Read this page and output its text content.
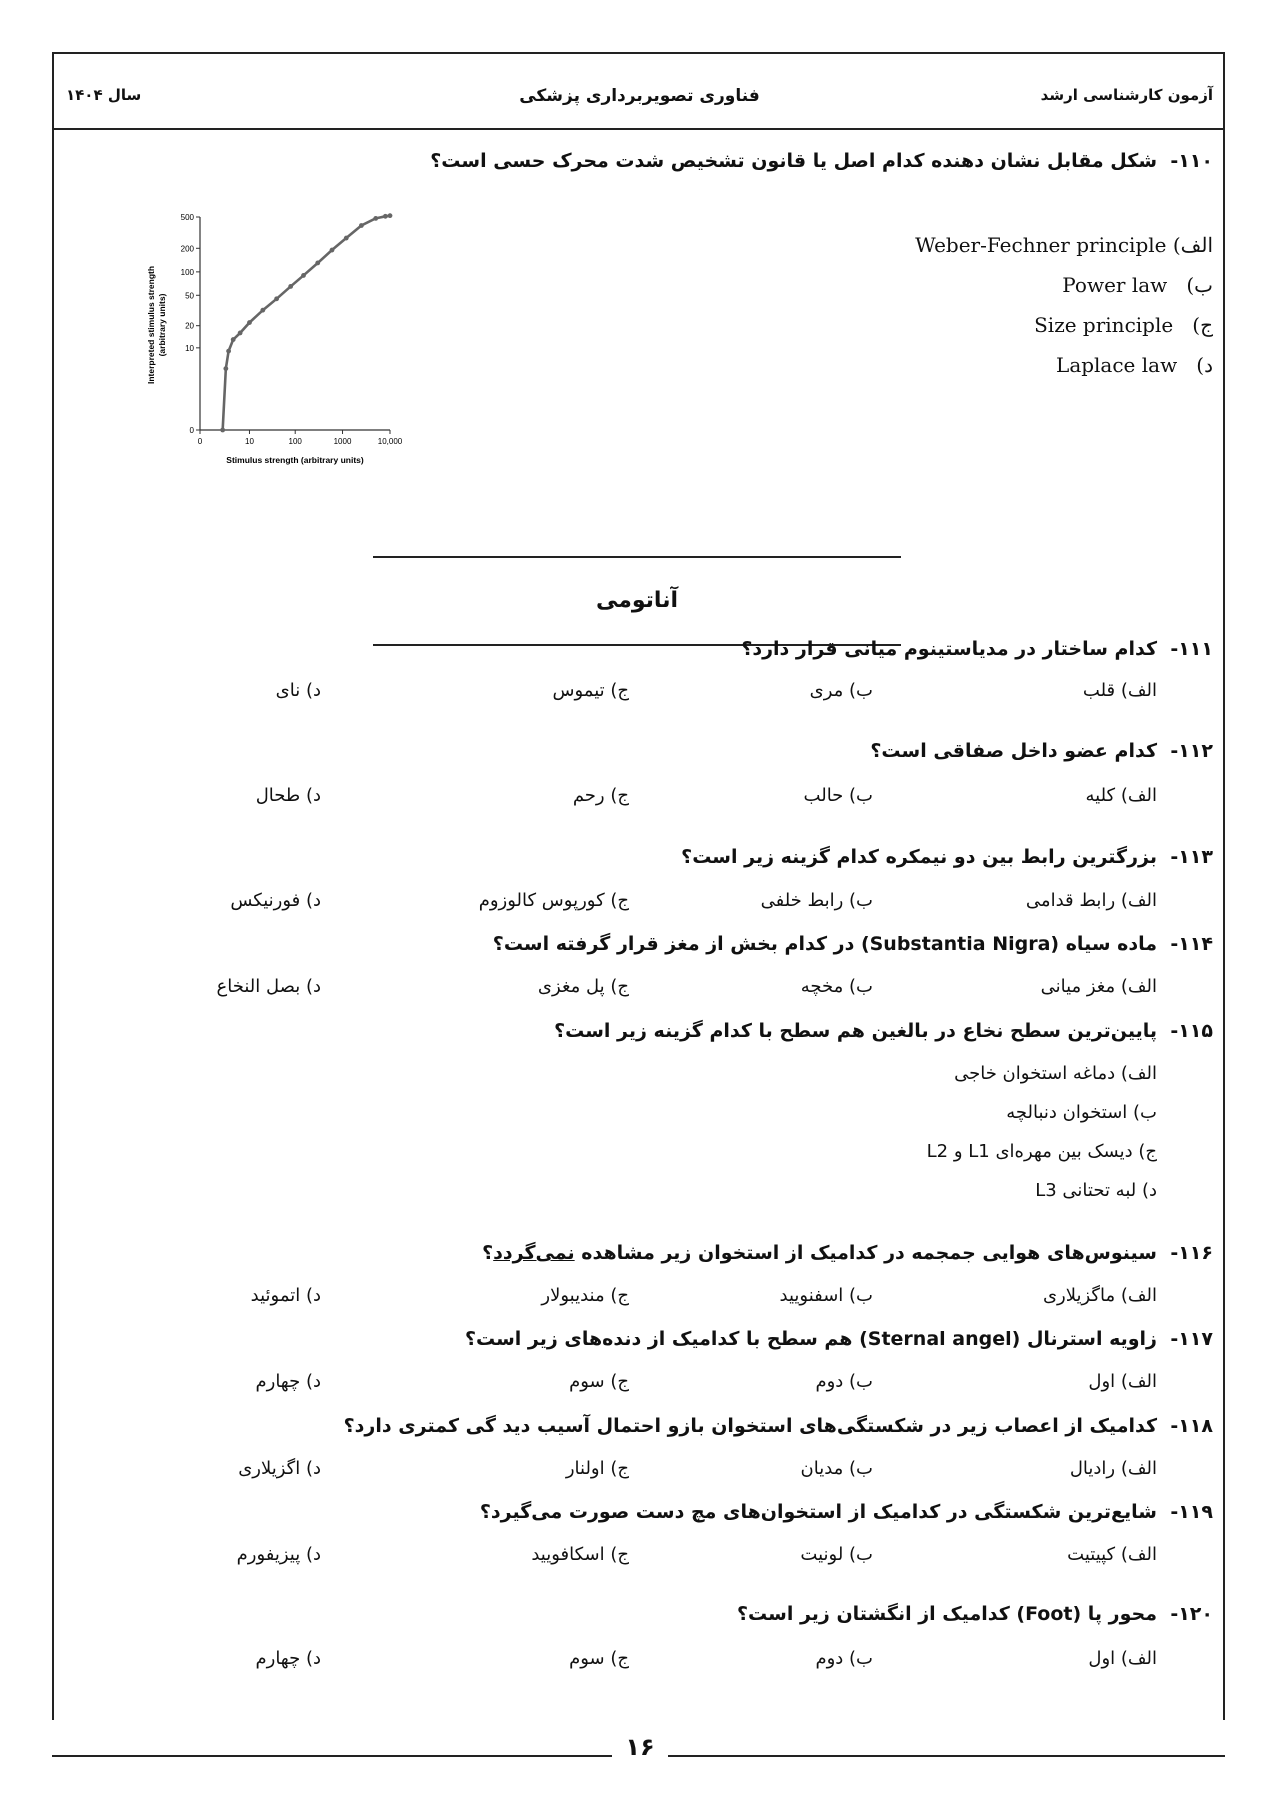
آزمون کارشناسی ارشد
فناوری تصویربرداری پزشکی
سال ۱۴۰۴
۱۱۰-شکل مقابل نشان دهنده کدام اصل یا قانون تشخیص شدت محرک حسی است؟
الف) Weber-Fechner principle
ب)   Power law
ج)   Size principle
د)   Laplace law
Interpreted stimulus strength (arbitrary units)
0
10
20
50
100
200
500
0	10	100	1000	10,000
Stimulus strength (arbitrary units)
آناتومی
۱۱۱-کدام ساختار در مدیاستینوم میانی قرار دارد؟
الف) قلب
ب) مری
ج) تیموس
د) نای
۱۱۲-کدام عضو داخل صفاقی است؟
الف) کلیه
ب) حالب
ج) رحم
د) طحال
۱۱۳-بزرگترین رابط بین دو نیمکره کدام گزینه زیر است؟
الف) رابط قدامی
ب) رابط خلفی
ج) کورپوس کالوزوم
د) فورنیکس
۱۱۴-ماده سیاه (Substantia Nigra) در کدام بخش از مغز قرار گرفته است؟
الف) مغز میانی
ب) مخچه
ج) پل مغزی
د) بصل النخاع
۱۱۵-پایین‌ترین سطح نخاع در بالغین هم سطح با کدام گزینه زیر است؟
الف) دماغه استخوان خاجی
ب) استخوان دنبالچه
ج) دیسک بین مهره‌ای L1 و L2
د) لبه تحتانی L3
۱۱۶-سینوس‌های هوایی جمجمه در کدامیک از استخوان زیر مشاهده نمی‌گردد؟
الف) ماگزیلاری
ب) اسفنویید
ج) مندیبولار
د) اتموئید
۱۱۷-زاویه استرنال (Sternal angel) هم سطح با کدامیک از دنده‌های زیر است؟
الف) اول
ب) دوم
ج) سوم
د) چهارم
۱۱۸-کدامیک از اعصاب زیر در شکستگی‌های استخوان بازو احتمال آسیب دید گی کمتری دارد؟
الف) رادیال
ب) مدیان
ج) اولنار
د) اگزیلاری
۱۱۹-شایع‌ترین شکستگی در کدامیک از استخوان‌های مچ دست صورت می‌گیرد؟
الف) کپیتیت
ب) لونیت
ج) اسکافویید
د) پیزیفورم
۱۲۰-محور پا (Foot) کدامیک از انگشتان زیر است؟
الف) اول
ب) دوم
ج) سوم
د) چهارم
۱۶
